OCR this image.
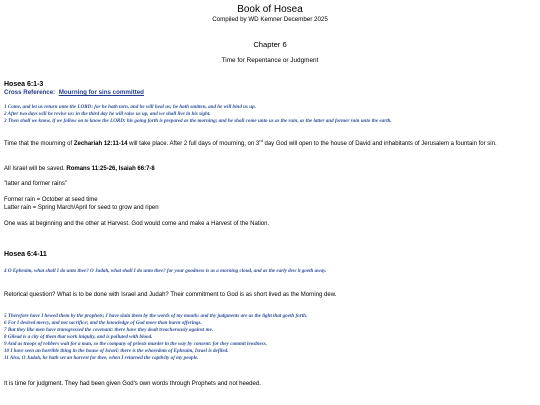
Book of Hosea
Compiled by WD Kemner December 2025
Chapter 6
Time for Repentance or Judgment
Hosea 6:1-3
Cross Reference: Mourning for sins committed
1 Come, and let us return unto the LORD: for he hath torn, and he will heal us; he hath smitten, and he will bind us up.
2 After two days will he revive us: in the third day he will raise us up, and we shall live in his sight.
3 Then shall we know, if we follow on to know the LORD: his going forth is prepared as the morning; and he shall come unto us as the rain, as the latter and former rain unto the earth.
Time that the mourning of Zechariah 12:11-14 will take place. After 2 full days of mourning, on 3rd day God will open to the house of David and inhabitants of Jerusalem a fountain for sin.
All Israel will be saved. Romans 11:25-26, Isaiah 66:7-8
"latter and former rains"
Former rain = October at seed time
Latter rain = Spring March/April for seed to grow and ripen
One was at beginning and the other at Harvest. God would come and make a Harvest of the Nation.
Hosea 6:4-11
4 O Ephraim, what shall I do unto thee? O Judah, what shall I do unto thee? for your goodness is as a morning cloud, and as the early dew it goeth away.
Retorical question? What is to be done with Israel and Judah? Their commitment to God is as short lived as the Morning dew.
5 Therefore have I hewed them by the prophets; I have slain them by the words of my mouth: and thy judgments are as the light that goeth forth.
6 For I desired mercy, and not sacrifice; and the knowledge of God more than burnt offerings.
7 But they like men have transgressed the covenant: there have they dealt treacherously against me.
8 Gilead is a city of them that work iniquity, and is polluted with blood.
9 And as troops of robbers wait for a man, so the company of priests murder in the way by consent: for they commit lewdness.
10 I have seen an horrible thing in the house of Israel: there is the whoredom of Ephraim, Israel is defiled.
11 Also, O Judah, he hath set an harvest for thee, when I returned the captivity of my people.
It is time for judgment. They had been given God's own words through Prophets and not heeded.
